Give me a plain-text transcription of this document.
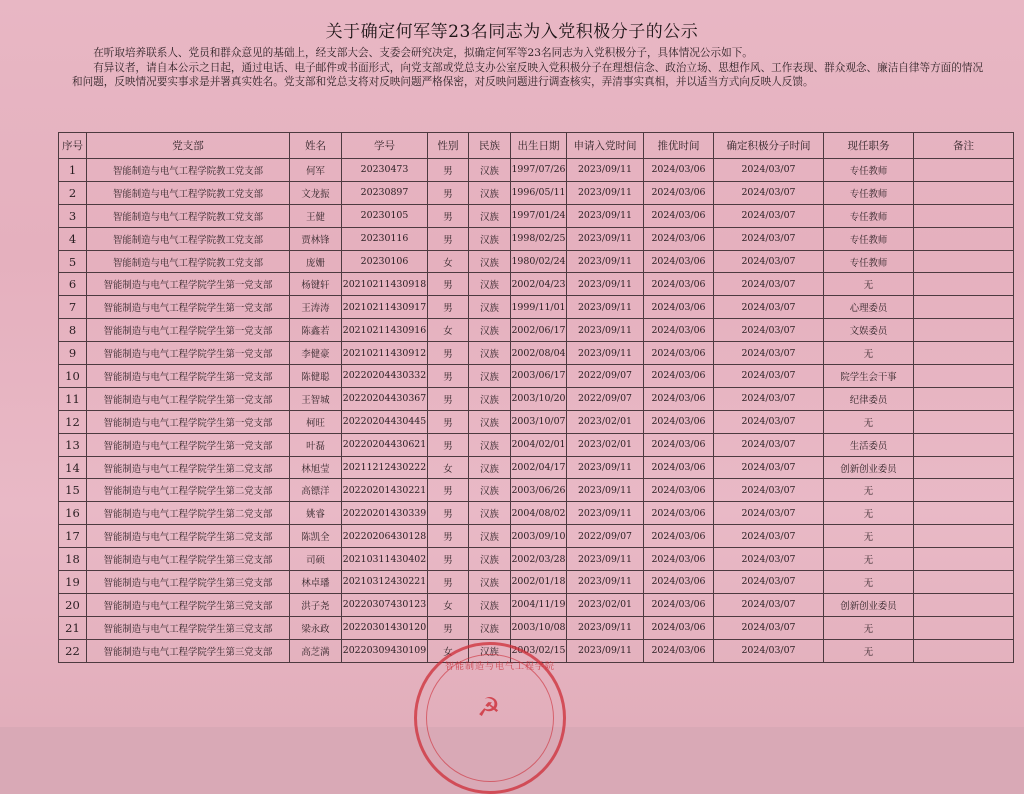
关于确定何军等23名同志为入党积极分子的公示

在听取培养联系人、党员和群众意见的基础上，经支部大会、支委会研究决定，拟确定何军等23名同志为入党积极分子，具体情况公示如下。

有异议者，请自本公示之日起，通过电话、电子邮件或书面形式，向党支部或党总支办公室反映入党积极分子在理想信念、政治立场、思想作风、工作表现、群众观念、廉洁自律等方面的情况和问题，反映情况要实事求是并署真实姓名。党支部和党总支将对反映问题严格保密，对反映问题进行调查核实，弄清事实真相，并以适当方式向反映人反馈。

序号	党支部	姓名	学号	性别	民族	出生日期	申请入党时间	推优时间	确定积极分子时间	现任职务	备注
1	智能制造与电气工程学院教工党支部	何军	20230473	男	汉族	1997/07/26	2023/09/11	2024/03/06	2024/03/07	专任教师	
2	智能制造与电气工程学院教工党支部	文龙振	20230897	男	汉族	1996/05/11	2023/09/11	2024/03/06	2024/03/07	专任教师	
3	智能制造与电气工程学院教工党支部	王健	20230105	男	汉族	1997/01/24	2023/09/11	2024/03/06	2024/03/07	专任教师	
4	智能制造与电气工程学院教工党支部	贾林锋	20230116	男	汉族	1998/02/25	2023/09/11	2024/03/06	2024/03/07	专任教师	
5	智能制造与电气工程学院教工党支部	庞姗	20230106	女	汉族	1980/02/24	2023/09/11	2024/03/06	2024/03/07	专任教师	
6	智能制造与电气工程学院学生第一党支部	杨键轩	20210211430918	男	汉族	2002/04/23	2023/09/11	2024/03/06	2024/03/07	无	
7	智能制造与电气工程学院学生第一党支部	王涛涛	20210211430917	男	汉族	1999/11/01	2023/09/11	2024/03/06	2024/03/07	心理委员	
8	智能制造与电气工程学院学生第一党支部	陈鑫若	20210211430916	女	汉族	2002/06/17	2023/09/11	2024/03/06	2024/03/07	文娱委员	
9	智能制造与电气工程学院学生第一党支部	李健豪	20210211430912	男	汉族	2002/08/04	2023/09/11	2024/03/06	2024/03/07	无	
10	智能制造与电气工程学院学生第一党支部	陈健聪	20220204430332	男	汉族	2003/06/17	2022/09/07	2024/03/06	2024/03/07	院学生会干事	
11	智能制造与电气工程学院学生第一党支部	王智城	20220204430367	男	汉族	2003/10/20	2022/09/07	2024/03/06	2024/03/07	纪律委员	
12	智能制造与电气工程学院学生第一党支部	柯旺	20220204430445	男	汉族	2003/10/07	2023/02/01	2024/03/06	2024/03/07	无	
13	智能制造与电气工程学院学生第一党支部	叶磊	20220204430621	男	汉族	2004/02/01	2023/02/01	2024/03/06	2024/03/07	生活委员	
14	智能制造与电气工程学院学生第二党支部	林旭莹	20211212430222	女	汉族	2002/04/17	2023/09/11	2024/03/06	2024/03/07	创新创业委员	
15	智能制造与电气工程学院学生第二党支部	高镖洋	20220201430221	男	汉族	2003/06/26	2023/09/11	2024/03/06	2024/03/07	无	
16	智能制造与电气工程学院学生第二党支部	姚睿	20220201430339	男	汉族	2004/08/02	2023/09/11	2024/03/06	2024/03/07	无	
17	智能制造与电气工程学院学生第二党支部	陈凯全	20220206430128	男	汉族	2003/09/10	2022/09/07	2024/03/06	2024/03/07	无	
18	智能制造与电气工程学院学生第三党支部	司硕	20210311430402	男	汉族	2002/03/28	2023/09/11	2024/03/06	2024/03/07	无	
19	智能制造与电气工程学院学生第三党支部	林卓璠	20210312430221	男	汉族	2002/01/18	2023/09/11	2024/03/06	2024/03/07	无	
20	智能制造与电气工程学院学生第三党支部	洪子尧	20220307430123	女	汉族	2004/11/19	2023/02/01	2024/03/06	2024/03/07	创新创业委员	
21	智能制造与电气工程学院学生第三党支部	梁永政	20220301430120	男	汉族	2003/10/08	2023/09/11	2024/03/06	2024/03/07	无	
22	智能制造与电气工程学院学生第三党支部	高芝满	20220309430109	女	汉族	2003/02/15	2023/09/11	2024/03/06	2024/03/07	无	
智能制造与电气工程学院
☭
